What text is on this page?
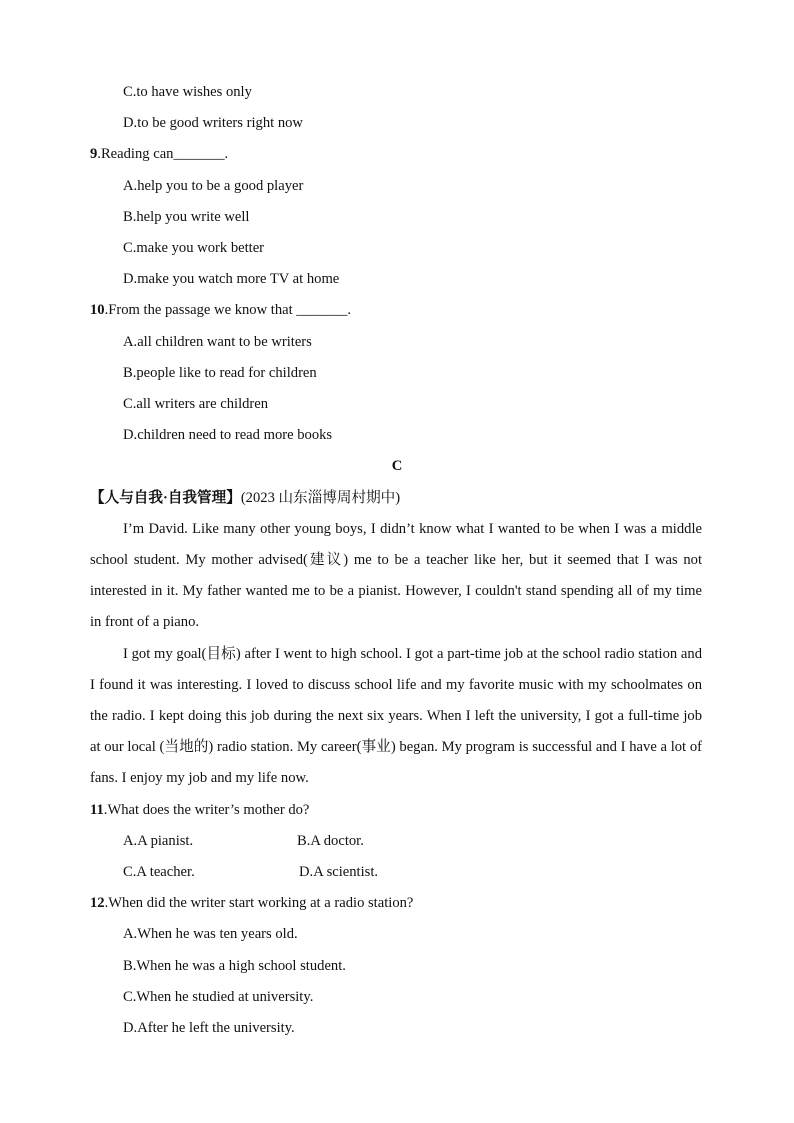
C.to have wishes only
D.to be good writers right now
9.Reading can_______.
A.help you to be a good player
B.help you write well
C.make you work better
D.make you watch more TV at home
10.From the passage we know that _______.
A.all children want to be writers
B.people like to read for children
C.all writers are children
D.children need to read more books
C
【人与自我·自我管理】(2023 山东淄博周村期中)

I’m David. Like many other young boys, I didn’t know what I wanted to be when I was a middle school student. My mother advised(建议) me to be a teacher like her, but it seemed that I was not interested in it. My father wanted me to be a pianist. However, I couldn't stand spending all of my time in front of a piano.

I got my goal(目标) after I went to high school. I got a part-time job at the school radio station and I found it was interesting. I loved to discuss school life and my favorite music with my schoolmates on the radio. I kept doing this job during the next six years. When I left the university, I got a full-time job at our local (当地的) radio station. My career(事业) began. My program is successful and I have a lot of fans. I enjoy my job and my life now.

11.What does the writer’s mother do?
A.A pianist.	B.A doctor.
C.A teacher.	D.A scientist.
12.When did the writer start working at a radio station?
A.When he was ten years old.
B.When he was a high school student.
C.When he studied at university.
D.After he left the university.
